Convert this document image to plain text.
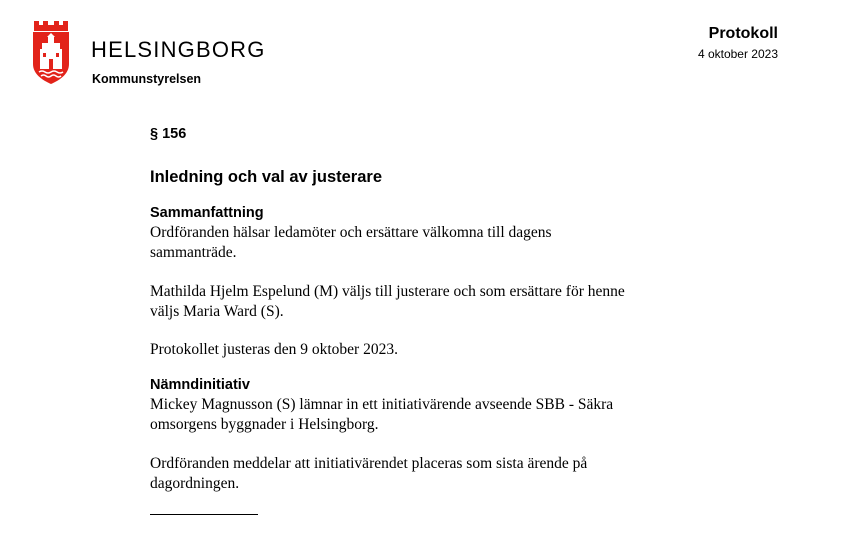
HELSINGBORG
Kommunstyrelsen
Protokoll
4 oktober 2023

§ 156

Inledning och val av justerare
Sammanfattning

Ordföranden hälsar ledamöter och ersättare välkomna till dagens
sammanträde.

Mathilda Hjelm Espelund (M) väljs till justerare och som ersättare för henne
väljs Maria Ward (S).

Protokollet justeras den 9 oktober 2023.

Nämndinitiativ

Mickey Magnusson (S) lämnar in ett initiativärende avseende SBB - Säkra
omsorgens byggnader i Helsingborg.

Ordföranden meddelar att initiativärendet placeras som sista ärende på
dagordningen.
